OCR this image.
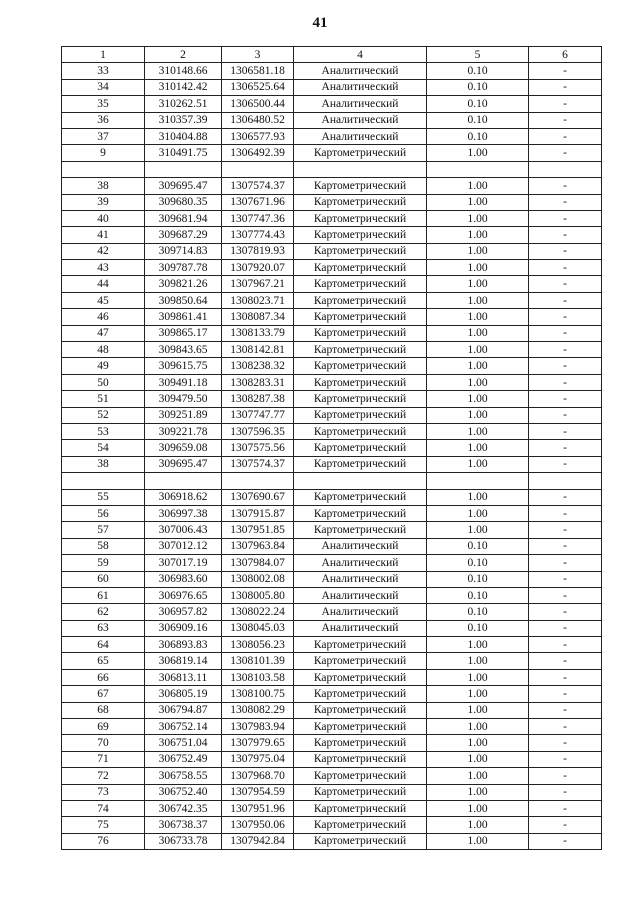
41
1	2	3	4	5	6
33	310148.66	1306581.18	Аналитический	0.10	-
34	310142.42	1306525.64	Аналитический	0.10	-
35	310262.51	1306500.44	Аналитический	0.10	-
36	310357.39	1306480.52	Аналитический	0.10	-
37	310404.88	1306577.93	Аналитический	0.10	-
9	310491.75	1306492.39	Картометрический	1.00	-

38	309695.47	1307574.37	Картометрический	1.00	-
39	309680.35	1307671.96	Картометрический	1.00	-
40	309681.94	1307747.36	Картометрический	1.00	-
41	309687.29	1307774.43	Картометрический	1.00	-
42	309714.83	1307819.93	Картометрический	1.00	-
43	309787.78	1307920.07	Картометрический	1.00	-
44	309821.26	1307967.21	Картометрический	1.00	-
45	309850.64	1308023.71	Картометрический	1.00	-
46	309861.41	1308087.34	Картометрический	1.00	-
47	309865.17	1308133.79	Картометрический	1.00	-
48	309843.65	1308142.81	Картометрический	1.00	-
49	309615.75	1308238.32	Картометрический	1.00	-
50	309491.18	1308283.31	Картометрический	1.00	-
51	309479.50	1308287.38	Картометрический	1.00	-
52	309251.89	1307747.77	Картометрический	1.00	-
53	309221.78	1307596.35	Картометрический	1.00	-
54	309659.08	1307575.56	Картометрический	1.00	-
38	309695.47	1307574.37	Картометрический	1.00	-

55	306918.62	1307690.67	Картометрический	1.00	-
56	306997.38	1307915.87	Картометрический	1.00	-
57	307006.43	1307951.85	Картометрический	1.00	-
58	307012.12	1307963.84	Аналитический	0.10	-
59	307017.19	1307984.07	Аналитический	0.10	-
60	306983.60	1308002.08	Аналитический	0.10	-
61	306976.65	1308005.80	Аналитический	0.10	-
62	306957.82	1308022.24	Аналитический	0.10	-
63	306909.16	1308045.03	Аналитический	0.10	-
64	306893.83	1308056.23	Картометрический	1.00	-
65	306819.14	1308101.39	Картометрический	1.00	-
66	306813.11	1308103.58	Картометрический	1.00	-
67	306805.19	1308100.75	Картометрический	1.00	-
68	306794.87	1308082.29	Картометрический	1.00	-
69	306752.14	1307983.94	Картометрический	1.00	-
70	306751.04	1307979.65	Картометрический	1.00	-
71	306752.49	1307975.04	Картометрический	1.00	-
72	306758.55	1307968.70	Картометрический	1.00	-
73	306752.40	1307954.59	Картометрический	1.00	-
74	306742.35	1307951.96	Картометрический	1.00	-
75	306738.37	1307950.06	Картометрический	1.00	-
76	306733.78	1307942.84	Картометрический	1.00	-
